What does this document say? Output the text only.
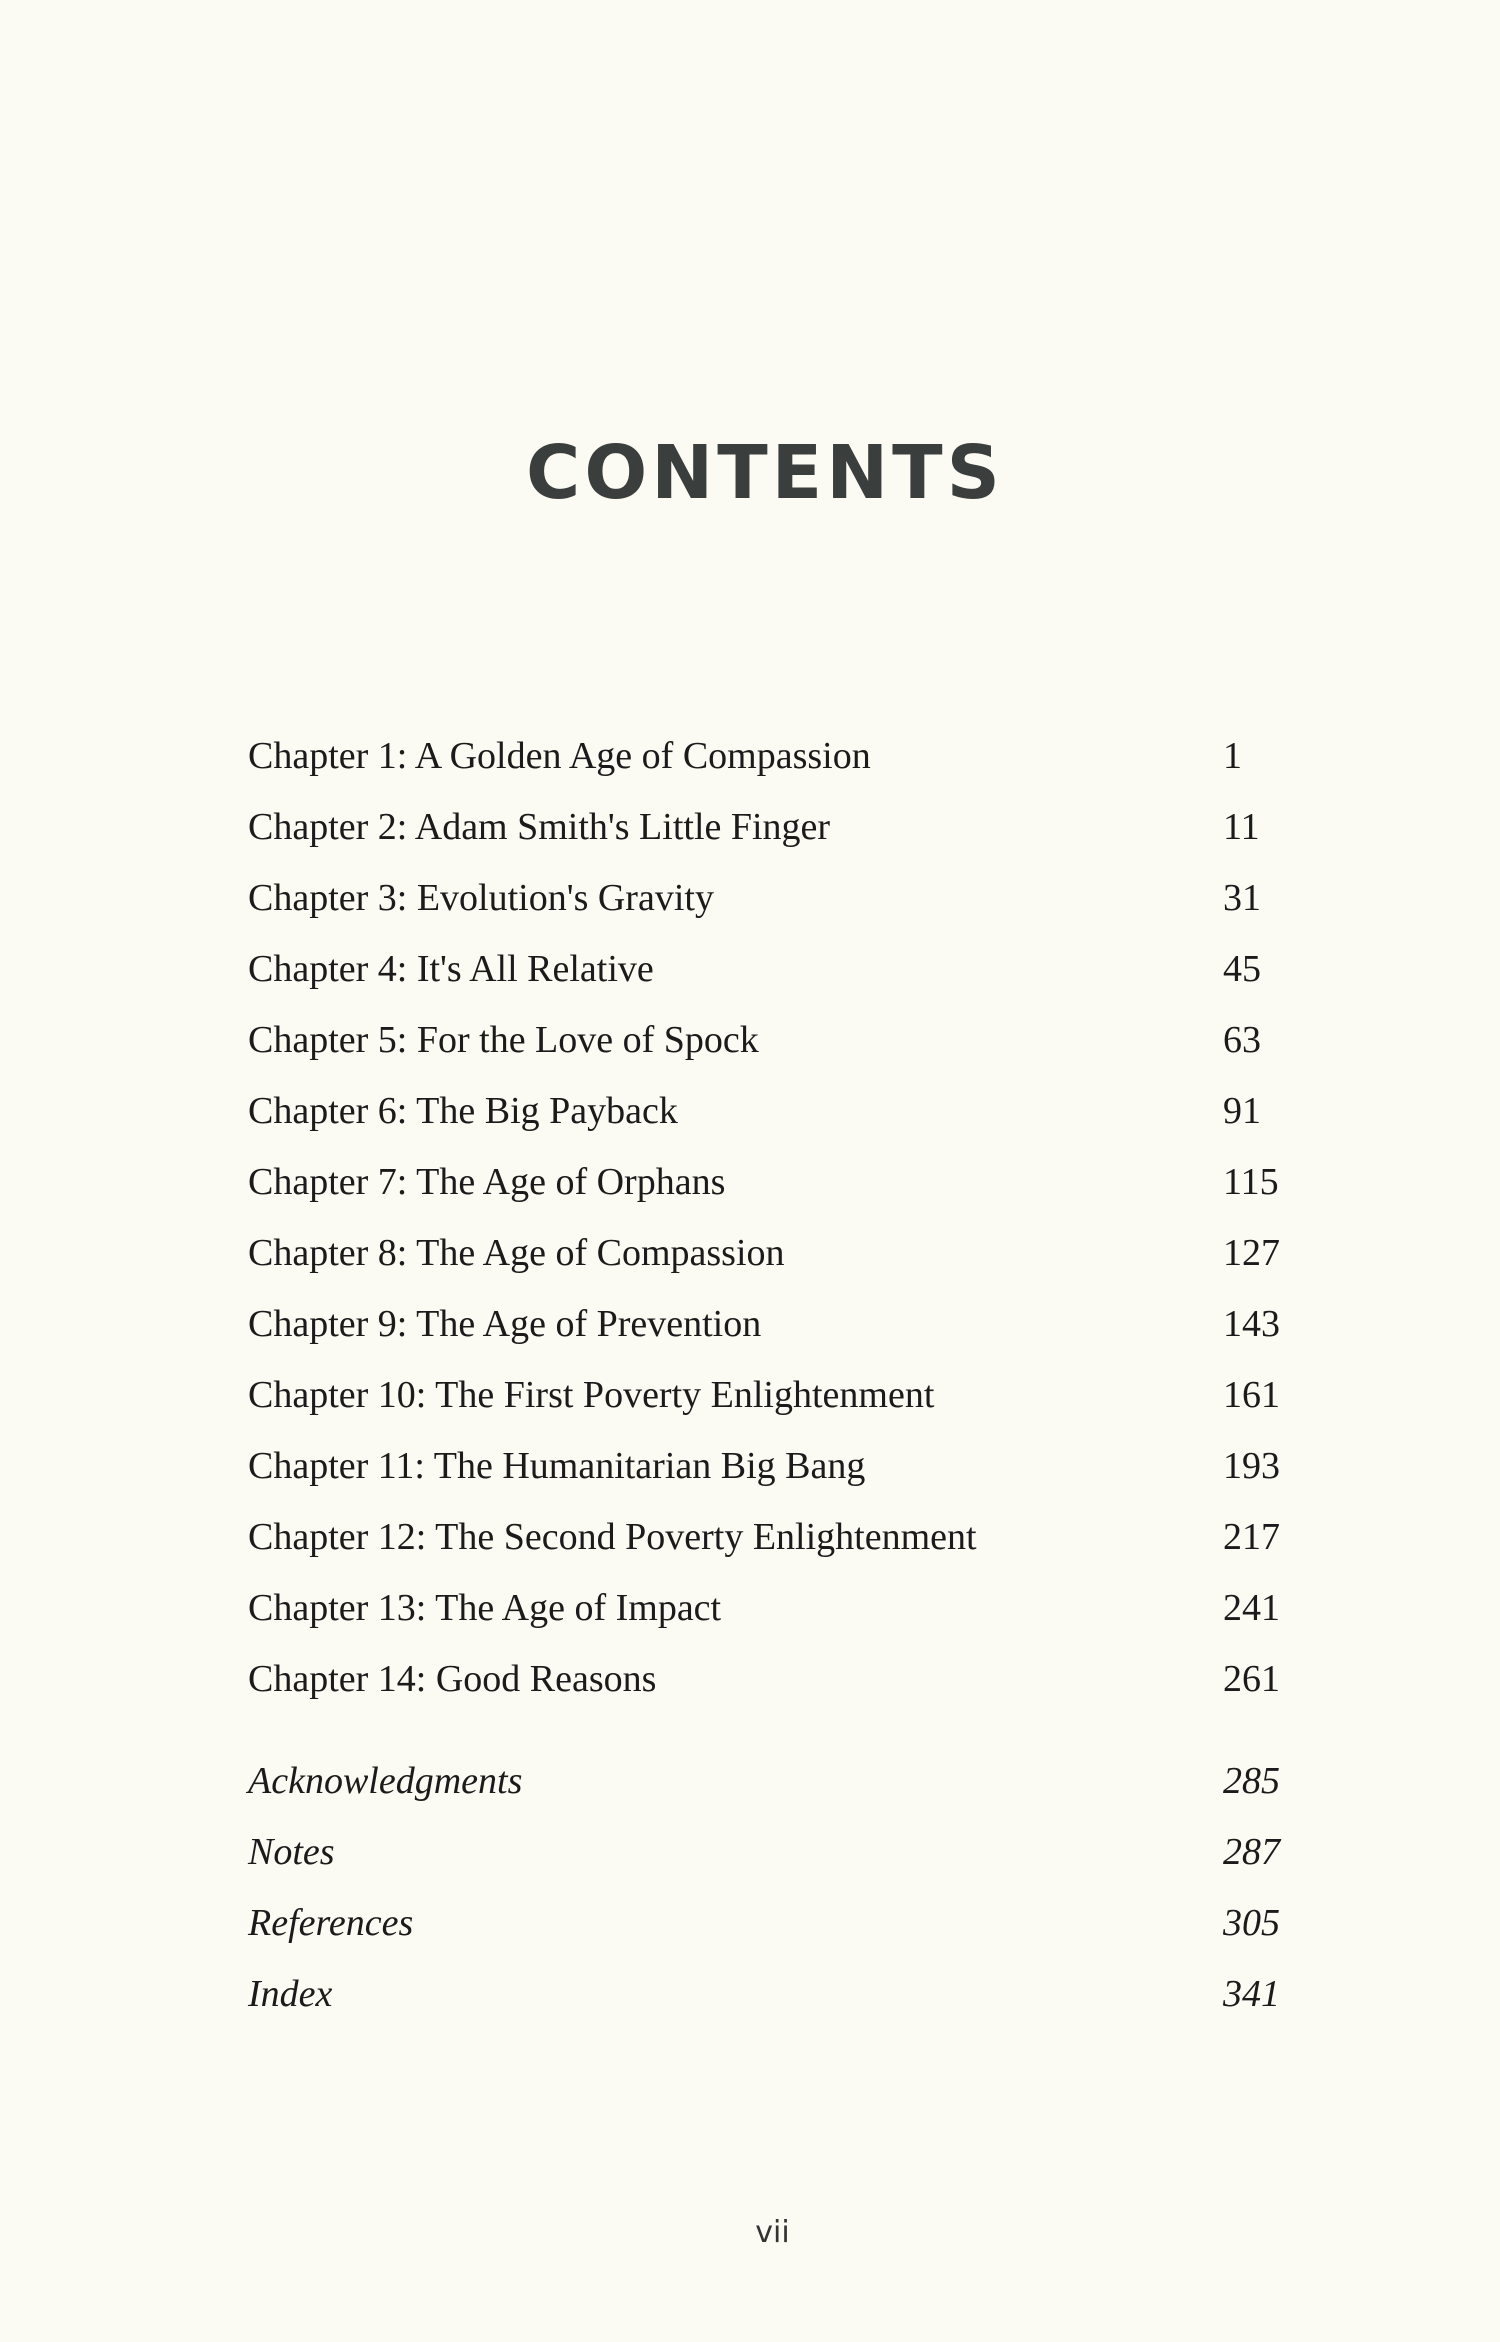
CONTENTS
Chapter 1: A Golden Age of Compassion	1
Chapter 2: Adam Smith's Little Finger	11
Chapter 3: Evolution's Gravity	31
Chapter 4: It's All Relative	45
Chapter 5: For the Love of Spock	63
Chapter 6: The Big Payback	91
Chapter 7: The Age of Orphans	115
Chapter 8: The Age of Compassion	127
Chapter 9: The Age of Prevention	143
Chapter 10: The First Poverty Enlightenment	161
Chapter 11: The Humanitarian Big Bang	193
Chapter 12: The Second Poverty Enlightenment	217
Chapter 13: The Age of Impact	241
Chapter 14: Good Reasons	261
Acknowledgments	285
Notes	287
References	305
Index	341
vii
